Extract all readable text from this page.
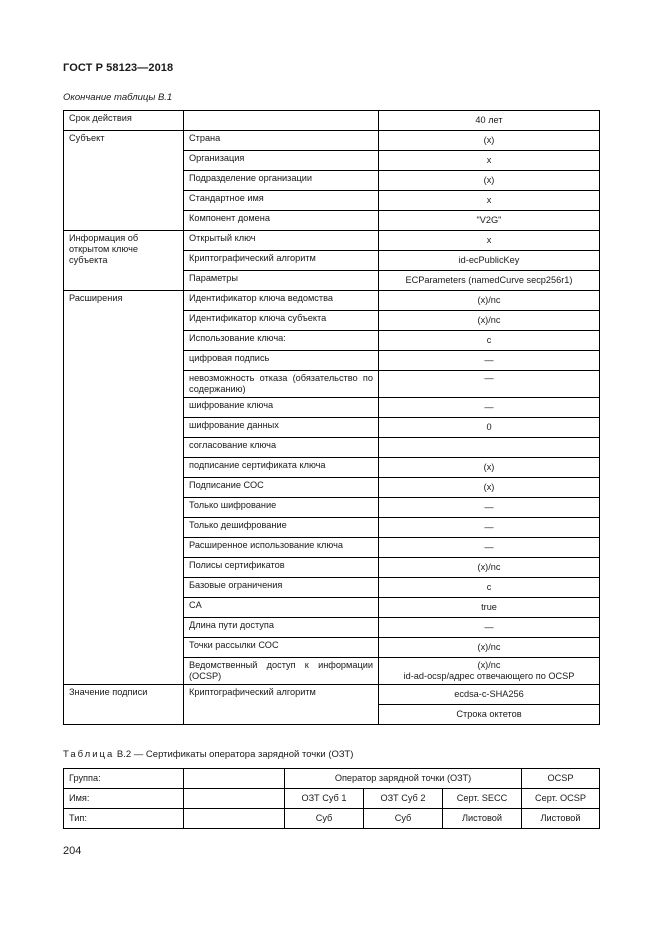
ГОСТ Р 58123—2018
Окончание таблицы В.1
Срок действия		40 лет
Субъект	Страна	(x)
	Организация	x
	Подразделение организации	(x)
	Стандартное имя	x
	Компонент домена	"V2G"
Информация об открытом ключе субъекта	Открытый ключ	x
	Криптографический алгоритм	id-ecPublicKey
	Параметры	ECParameters (namedCurve secp256r1)
Расширения	Идентификатор ключа ведомства	(x)/nc
	Идентификатор ключа субъекта	(x)/nc
	Использование ключа:	c
	цифровая подпись	—
	невозможность отказа (обязательство по содержанию)	—
	шифрование ключа	—
	шифрование данных	0
	согласование ключа	
	подписание сертификата ключа	(x)
	Подписание СОС	(x)
	Только шифрование	—
	Только дешифрование	—
	Расширенное использование ключа	—
	Полисы сертификатов	(x)/nc
	Базовые ограничения	c
	CA	true
	Длина пути доступа	—
	Точки рассылки СОС	(x)/nc
	Ведомственный доступ к информации (OCSP)	(x)/nc
id-ad-ocsp/адрес отвечающего по OCSP

Значение подписи	Криптографический алгоритм	ecdsa-c-SHA256
		Строка октетов
Таблица В.2 — Сертификаты оператора зарядной точки (ОЗТ)
Группа:		Оператор зарядной точки (ОЗТ)			OCSP
Имя:		ОЗТ Суб 1	ОЗТ Суб 2	Серт. SECC	Серт. OCSP
Тип:		Суб	Суб	Листовой	Листовой
204
